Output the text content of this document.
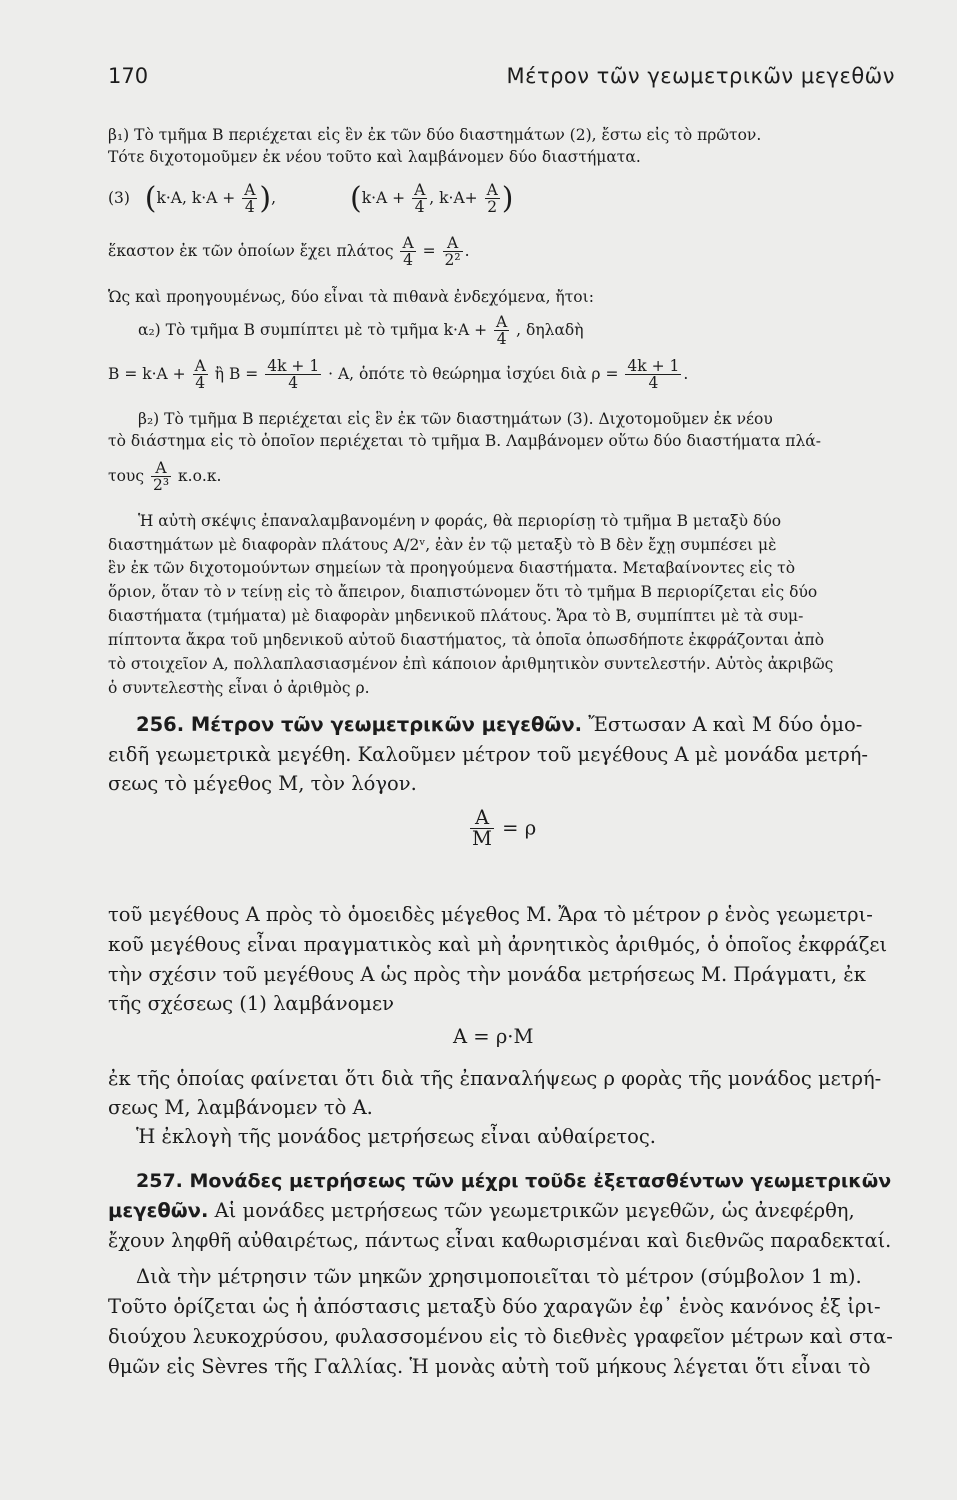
170	Μέτρον τῶν γεωμετρικῶν μεγεθῶν
β₁) Τὸ τμῆμα Β περιέχεται εἰς ἓν ἐκ τῶν δύο διαστημάτων (2), ἔστω εἰς τὸ πρῶτον.
Τότε διχοτομοῦμεν ἐκ νέου τοῦτο καὶ λαμβάνομεν δύο διαστήματα.
(3) (k·A, $k\cdot A + \frac{A}{4}$ ),               ($k\cdot A + \frac{A}{4}$ , $k\cdot A+ \frac{A}{2}$ )
ἕκαστον ἐκ τῶν ὁποίων ἔχει πλάτος $\frac{A}{4} = \frac{A}{\text{2²}}$ .
Ὡς καὶ προηγουμένως, δύο εἶναι τὰ πιθανὰ ἐνδεχόμενα, ἤτοι:
α₂) Τὸ τμῆμα Β συμπίπτει μὲ τὸ τμῆμα $k\cdot A + \frac{A}{4}$ , δηλαδὴ
$B = k\cdot A + \frac{A}{4}$ ἢ $B = \frac{4k + 1}{4} \cdot A$, ὁπότε τὸ θεώρημα ἰσχύει διὰ $\rho = \frac{4k + 1}{4}$ .
β₂) Τὸ τμῆμα Β περιέχεται εἰς ἓν ἐκ τῶν διαστημάτων (3). Διχοτομοῦμεν ἐκ νέου
τὸ διάστημα εἰς τὸ ὁποῖον περιέχεται τὸ τμῆμα Β. Λαμβάνομεν οὕτω δύο διαστήματα πλά-
τους $\frac{A}{\text{2³}} \kappa.o.\kappa$.
Ἡ αὐτὴ σκέψις ἐπαναλαμβανομένη ν φοράς, θὰ περιορίσῃ τὸ τμῆμα Β μεταξὺ δύο
διαστημάτων μὲ διαφορὰν πλάτους Α/2ᵛ, ἐὰν ἐν τῷ μεταξὺ τὸ Β δὲν ἔχῃ συμπέσει μὲ
ἓν ἐκ τῶν διχοτομούντων σημείων τὰ προηγούμενα διαστήματα. Μεταβαίνοντες εἰς τὸ
ὅριον, ὅταν τὸ ν τείνῃ εἰς τὸ ἄπειρον, διαπιστώνομεν ὅτι τὸ τμῆμα Β περιορίζεται εἰς δύο
διαστήματα (τμήματα) μὲ διαφορὰν μηδενικοῦ πλάτους. Ἄρα τὸ Β, συμπίπτει μὲ τὰ συμ-
πίπτοντα ἄκρα τοῦ μηδενικοῦ αὐτοῦ διαστήματος, τὰ ὁποῖα ὁπωσδήποτε ἐκφράζονται ἀπὸ
τὸ στοιχεῖον Α, πολλαπλασιασμένον ἐπὶ κάποιον ἀριθμητικὸν συντελεστήν. Αὐτὸς ἀκριβῶς
ὁ συντελεστὴς εἶναι ὁ ἀριθμὸς ρ.
256. Μέτρον τῶν γεωμετρικῶν μεγεθῶν. Ἔστωσαν Α καὶ Μ δύο ὁμο-
ειδῆ γεωμετρικὰ μεγέθη. Καλοῦμεν μέτρον τοῦ μεγέθους Α μὲ μονάδα μετρή-
σεως τὸ μέγεθος Μ, τὸν λόγον.
$\frac{A}{M} = \rho$
τοῦ μεγέθους Α πρὸς τὸ ὁμοειδὲς μέγεθος Μ. Ἄρα τὸ μέτρον ρ ἑνὸς γεωμετρι-
κοῦ μεγέθους εἶναι πραγματικὸς καὶ μὴ ἀρνητικὸς ἀριθμός, ὁ ὁποῖος ἐκφράζει
τὴν σχέσιν τοῦ μεγέθους Α ὡς πρὸς τὴν μονάδα μετρήσεως Μ. Πράγματι, ἐκ
τῆς σχέσεως (1) λαμβάνομεν
A = ρ·M
ἐκ τῆς ὁποίας φαίνεται ὅτι διὰ τῆς ἐπαναλήψεως ρ φορὰς τῆς μονάδος μετρή-
σεως Μ, λαμβάνομεν τὸ Α.
Ἡ ἐκλογὴ τῆς μονάδος μετρήσεως εἶναι αὐθαίρετος.
257. Μονάδες μετρήσεως τῶν μέχρι τοῦδε ἐξετασθέντων γεωμετρικῶν
μεγεθῶν. Αἱ μονάδες μετρήσεως τῶν γεωμετρικῶν μεγεθῶν, ὡς ἀνεφέρθη,
ἔχουν ληφθῆ αὐθαιρέτως, πάντως εἶναι καθωρισμέναι καὶ διεθνῶς παραδεκταί.
Διὰ τὴν μέτρησιν τῶν μηκῶν χρησιμοποιεῖται τὸ μέτρον (σύμβολον 1 m).
Τοῦτο ὁρίζεται ὡς ἡ ἀπόστασις μεταξὺ δύο χαραγῶν ἐφ᾽ ἑνὸς κανόνος ἐξ ἰρι-
διούχου λευκοχρύσου, φυλασσομένου εἰς τὸ διεθνὲς γραφεῖον μέτρων καὶ στα-
θμῶν εἰς Sèvres τῆς Γαλλίας. Ἡ μονὰς αὐτὴ τοῦ μήκους λέγεται ὅτι εἶναι τὸ
